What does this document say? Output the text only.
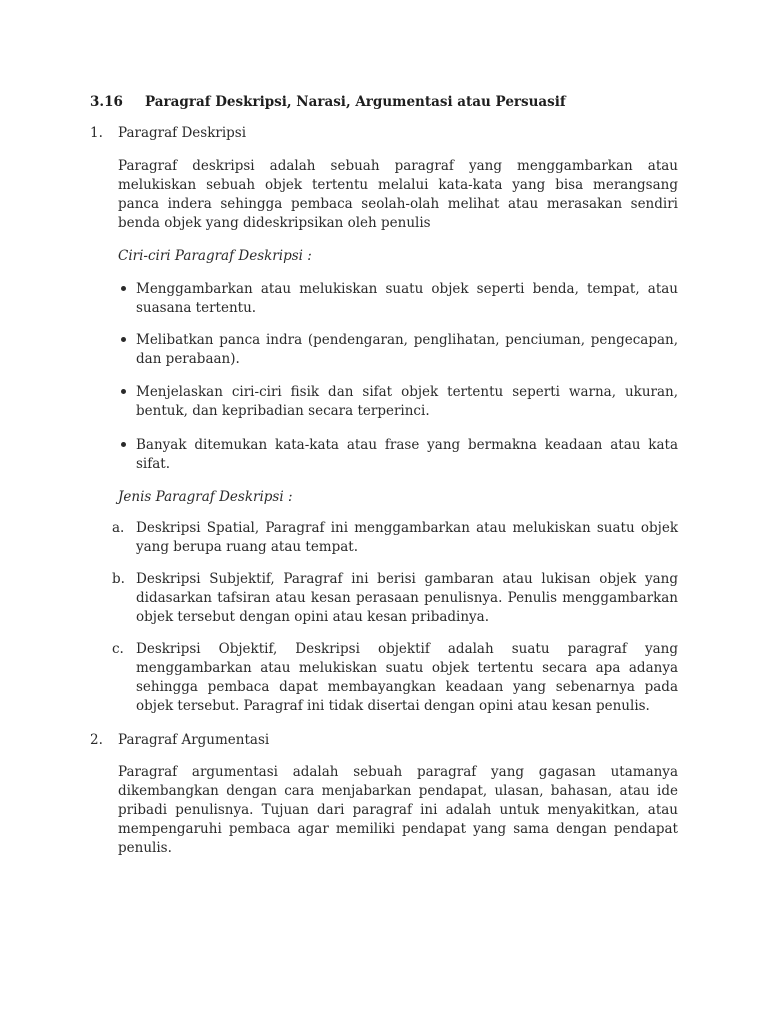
3.16 Paragraf Deskripsi, Narasi, Argumentasi atau Persuasif
1. Paragraf Deskripsi
Paragraf deskripsi adalah sebuah paragraf yang menggambarkan atau melukiskan sebuah objek tertentu melalui kata-kata yang bisa merangsang panca indera sehingga pembaca seolah-olah melihat atau merasakan sendiri benda objek yang dideskripsikan oleh penulis
Ciri-ciri Paragraf Deskripsi :
Menggambarkan atau melukiskan suatu objek seperti benda, tempat, atau suasana tertentu.
Melibatkan panca indra (pendengaran, penglihatan, penciuman, pengecapan, dan perabaan).
Menjelaskan ciri-ciri fisik dan sifat objek tertentu seperti warna, ukuran, bentuk, dan kepribadian secara terperinci.
Banyak ditemukan kata-kata atau frase yang bermakna keadaan atau kata sifat.
Jenis Paragraf Deskripsi :
a. Deskripsi Spatial, Paragraf ini menggambarkan atau melukiskan suatu objek yang berupa ruang atau tempat.
b. Deskripsi Subjektif, Paragraf ini berisi gambaran atau lukisan objek yang didasarkan tafsiran atau kesan perasaan penulisnya. Penulis menggambarkan objek tersebut dengan opini atau kesan pribadinya.
c. Deskripsi Objektif, Deskripsi objektif adalah suatu paragraf yang menggambarkan atau melukiskan suatu objek tertentu secara apa adanya sehingga pembaca dapat membayangkan keadaan yang sebenarnya pada objek tersebut. Paragraf ini tidak disertai dengan opini atau kesan penulis.
2. Paragraf Argumentasi
Paragraf argumentasi adalah sebuah paragraf yang gagasan utamanya dikembangkan dengan cara menjabarkan pendapat, ulasan, bahasan, atau ide pribadi penulisnya. Tujuan dari paragraf ini adalah untuk menyakitkan, atau mempengaruhi pembaca agar memiliki pendapat yang sama dengan pendapat penulis.
